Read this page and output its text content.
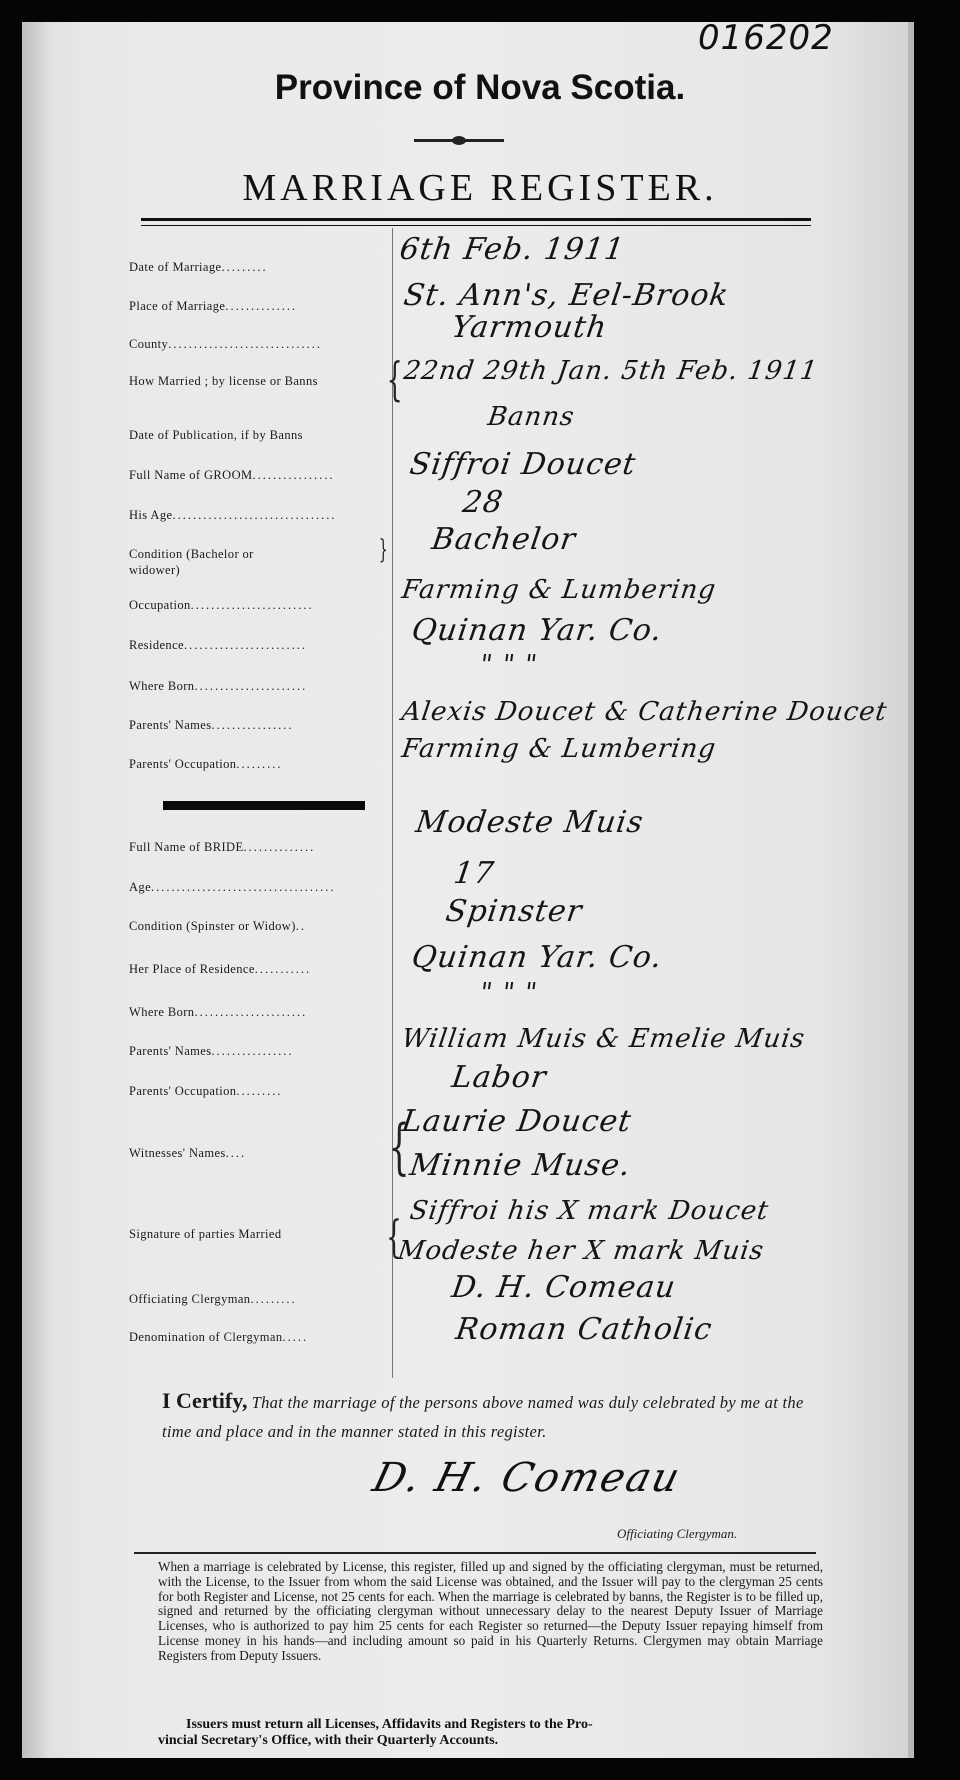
016202
Province of Nova Scotia.
MARRIAGE REGISTER.
Date of Marriage.........
Place of Marriage..............
County..............................
How Married ; by license or Banns
Date of Publication, if by Banns
Full Name of GROOM................
His Age................................
Condition (Bachelor or widower)
Occupation........................
Residence........................
Where Born......................
Parents' Names................
Parents' Occupation.........
Full Name of BRIDE..............
Age....................................
Condition (Spinster or Widow)..
Her Place of Residence...........
Where Born......................
Parents' Names................
Parents' Occupation.........
Witnesses' Names....
Signature of parties Married
Officiating Clergyman.........
Denomination of Clergyman.....
{
}
{
{
6th Feb. 1911
St. Ann's, Eel-Brook
Yarmouth
22nd 29th Jan. 5th Feb. 1911
Banns
Siffroi Doucet
28
Bachelor
Farming & Lumbering
Quinan Yar. Co.
" " "
Alexis Doucet & Catherine Doucet
Farming & Lumbering
Modeste Muis
17
Spinster
Quinan Yar. Co.
" " "
William Muis & Emelie Muis
Labor
Laurie Doucet
Minnie Muse.
Siffroi his X mark Doucet
Modeste her X mark Muis
D. H. Comeau
Roman Catholic
I Certify, That the marriage of the persons above named was duly celebrated by me at the time and place and in the manner stated in this register.
D. H. Comeau
Officiating Clergyman.
When a marriage is celebrated by License, this register, filled up and signed by the officiating clergyman, must be returned, with the License, to the Issuer from whom the said License was obtained, and the Issuer will pay to the clergyman 25 cents for both Register and License, not 25 cents for each. When the marriage is celebrated by banns, the Register is to be filled up, signed and returned by the officiating clergyman without unnecessary delay to the nearest Deputy Issuer of Marriage Licenses, who is authorized to pay him 25 cents for each Register so returned—the Deputy Issuer repaying himself from License money in his hands—and including amount so paid in his Quarterly Returns. Clergymen may obtain Marriage Registers from Deputy Issuers.
Issuers must return all Licenses, Affidavits and Registers to the Pro-
vincial Secretary's Office, with their Quarterly Accounts.
